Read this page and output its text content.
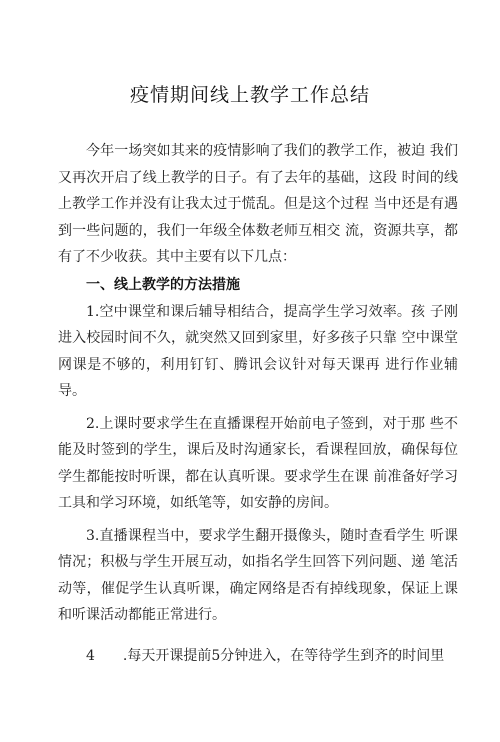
疫情期间线上教学工作总结

今年一场突如其来的疫情影响了我们的教学工作，被迫 我们又再次开启了线上教学的日子。有了去年的基础，这段 时间的线上教学工作并没有让我太过于慌乱。但是这个过程 当中还是有遇到一些问题的，我们一年级全体数老师互相交 流，资源共享，都有了不少收获。其中主要有以下几点：

一、线上教学的方法措施

1.空中课堂和课后辅导相结合，提高学生学习效率。孩 子刚进入校园时间不久，就突然又回到家里，好多孩子只靠 空中课堂网课是不够的，利用钉钉、腾讯会议针对每天课再 进行作业辅导。

2.上课时要求学生在直播课程开始前电子签到，对于那 些不能及时签到的学生，课后及时沟通家长，看课程回放，确保每位学生都能按时听课，都在认真听课。要求学生在课 前准备好学习工具和学习环境，如纸笔等，如安静的房间。

3.直播课程当中，要求学生翻开摄像头，随时查看学生 听课情况；积极与学生开展互动，如指名学生回答下列问题、递 笔活动等，催促学生认真听课，确定网络是否有掉线现象，保证上课和听课活动都能正常进行。

4　　.每天开课提前5分钟进入，在等待学生到齐的时间里
